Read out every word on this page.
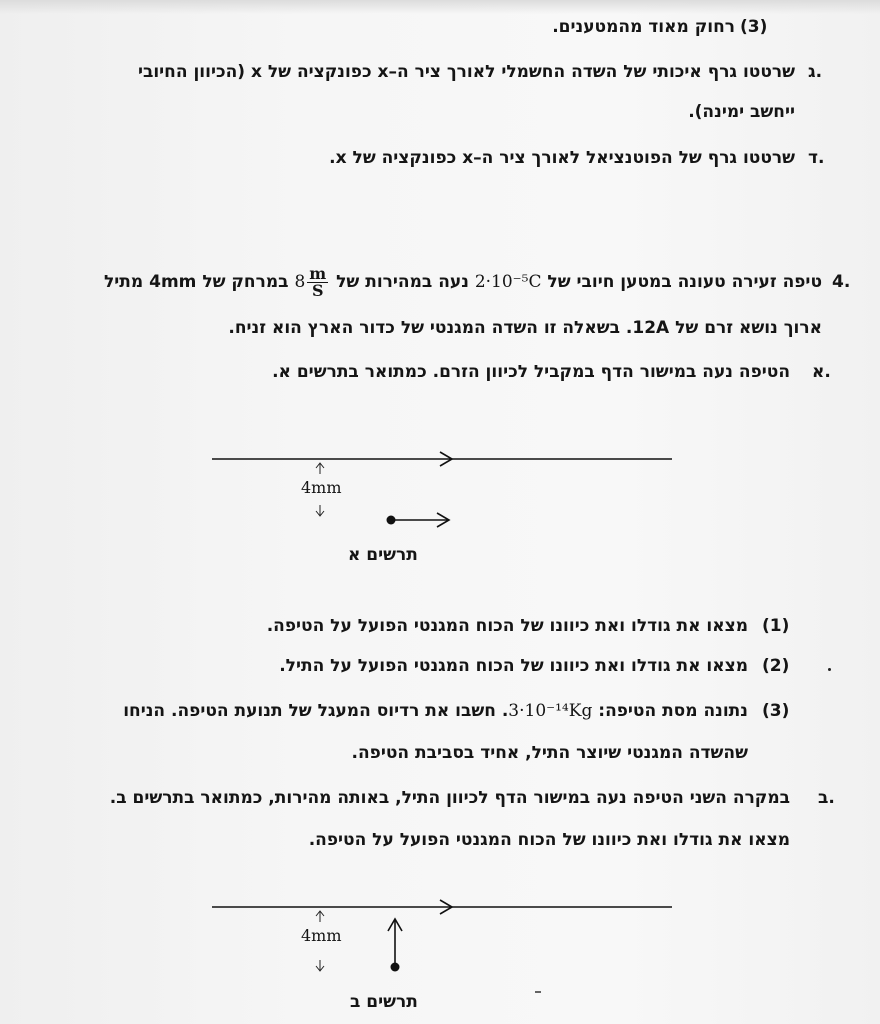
רחוק מאוד מהמטענים. (3)
ג.
שרטטו גרף איכותי של השדה החשמלי לאורך ציר ה–x כפונקציה של x (הכיוון החיובי
ייחשב ימינה).
ד.
שרטטו גרף של הפוטנציאל לאורך ציר ה–x כפונקציה של x.
4.
טיפה זעירה טעונה במטען חיובי של 2·10⁻⁵C נעה במהירות של $8 \frac{m}{S}$
במרחק של 4mm מתיל
ארוך נושא זרם של 12A. בשאלה זו השדה המגנטי של כדור הארץ הוא זניח.
א.
הטיפה נעה במישור הדף במקביל לכיוון הזרם. כמתואר בתרשים א.
4mm
תרשים א
(1)
מצאו את גודלו ואת כיוונו של הכוח המגנטי הפועל על הטיפה.
(2)
מצאו את גודלו ואת כיוונו של הכוח המגנטי הפועל על התיל.
(3)
נתונה מסת הטיפה: 3·10⁻¹⁴Kg. חשבו את רדיוס המעגל של תנועת הטיפה. הניחו
שהשדה המגנטי שיוצר התיל, אחיד בסביבת הטיפה.
ב.
במקרה השני הטיפה נעה במישור הדף לכיוון התיל, באותה מהירות, כמתואר בתרשים ב.
מצאו את גודלו ואת כיוונו של הכוח המגנטי הפועל על הטיפה.
4mm
תרשים ב
